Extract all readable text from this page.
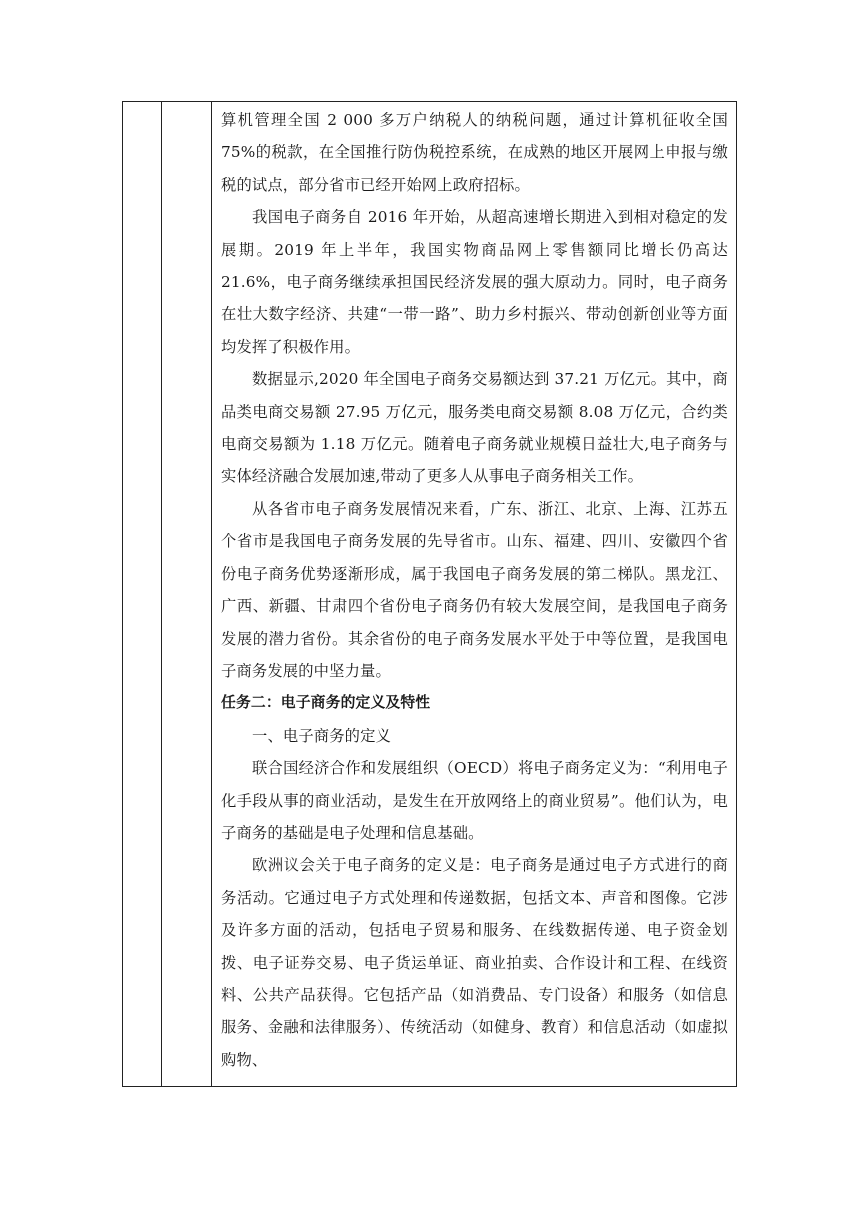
算机管理全国 2 000 多万户纳税人的纳税问题，通过计算机征收全国 75%的税款，在全国推行防伪税控系统，在成熟的地区开展网上申报与缴税的试点，部分省市已经开始网上政府招标。

我国电子商务自 2016 年开始，从超高速增长期进入到相对稳定的发展期。2019 年上半年，我国实物商品网上零售额同比增长仍高达 21.6%，电子商务继续承担国民经济发展的强大原动力。同时，电子商务在壮大数字经济、共建“一带一路”、助力乡村振兴、带动创新创业等方面均发挥了积极作用。

数据显示,2020 年全国电子商务交易额达到 37.21 万亿元。其中，商品类电商交易额 27.95 万亿元，服务类电商交易额 8.08 万亿元，合约类电商交易额为 1.18 万亿元。随着电子商务就业规模日益壮大,电子商务与实体经济融合发展加速,带动了更多人从事电子商务相关工作。

从各省市电子商务发展情况来看，广东、浙江、北京、上海、江苏五个省市是我国电子商务发展的先导省市。山东、福建、四川、安徽四个省份电子商务优势逐渐形成，属于我国电子商务发展的第二梯队。黑龙江、广西、新疆、甘肃四个省份电子商务仍有较大发展空间，是我国电子商务发展的潜力省份。其余省份的电子商务发展水平处于中等位置，是我国电子商务发展的中坚力量。

任务二：电子商务的定义及特性

一、电子商务的定义

联合国经济合作和发展组织（OECD）将电子商务定义为：“利用电子化手段从事的商业活动，是发生在开放网络上的商业贸易”。他们认为，电子商务的基础是电子处理和信息基础。

欧洲议会关于电子商务的定义是：电子商务是通过电子方式进行的商务活动。它通过电子方式处理和传递数据，包括文本、声音和图像。它涉及许多方面的活动，包括电子贸易和服务、在线数据传递、电子资金划拨、电子证券交易、电子货运单证、商业拍卖、合作设计和工程、在线资料、公共产品获得。它包括产品（如消费品、专门设备）和服务（如信息服务、金融和法律服务）、传统活动（如健身、教育）和信息活动（如虚拟购物、
